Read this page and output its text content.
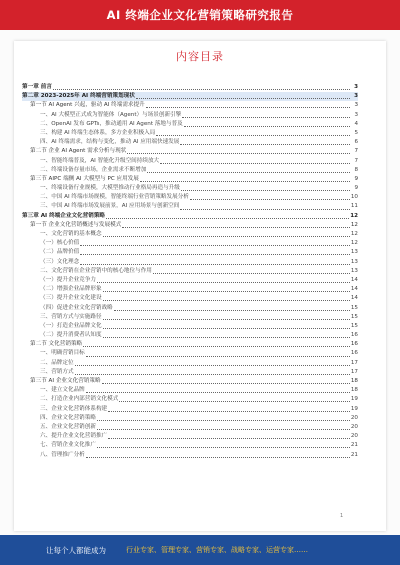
AI 终端企业文化营销策略研究报告
内容目录
第一章 前言	3
第二章 2023-2025年 AI 终端营销策划现状	3
第一节 AI Agent 兴起，驱动 AI 终端需求提升	3
一、AI 大模型正式成为智能体（Agent）与场景创新引擎	3
二、OpenAI 发布 GPTs，推动通用 AI Agent 落地与普及	4
三、构建 AI 终端生态体系，多方企业积极入局	5
四、AI 终端需求，结构与变化，推动 AI 应用端快速发展	6
第二节 企业 AI Agent 需求分析与现状	7
一、智能终端普及，AI 智能化升级空间持续放大	7
二、终端设备存量市场，企业需求不断增加	8
第三节 AIPC 端侧 AI 大模型与 PC 应用发展	9
一、终端设备行业规模，大模型推动行业格局再造与升级	9
二、中国 AI 终端市场规模，智能终端行业营销策略发展分析	10
三、中国 AI 终端市场发展前景，AI 应用场景与创新空间	11
第三章 AI 终端企业文化营销策略	12
第一节 企业文化营销概述与发展模式	12
一、文化营销的基本概念	12
（一）核心价值	12
（二）品牌价值	13
（三）文化理念	13
二、文化营销在企业营销中的核心地位与作用	13
（一）提升企业竞争力	14
（二）增强企业品牌形象	14
（三）提升企业文化建设	14
（四）促进企业文化营销战略	15
三、营销方式与实施路径	15
（一）打造企业品牌文化	15
（二）提升消费者认知度	16
第二节 文化营销策略	16
一、明确营销目标	16
二、品牌定位	17
三、营销方式	17
第三节 AI 企业文化营销策略	18
一、建立文化品牌	18
二、打造企业内部营销文化模式	19
三、企业文化营销体系构建	19
四、企业文化营销策略	20
五、企业文化营销创新	20
六、提升企业文化营销推广	20
七、营销企业文化推广	21
八、管理推广分析	21
1
让每个人都能成为	行业专家、管理专家、营销专家、战略专家、运营专家……
